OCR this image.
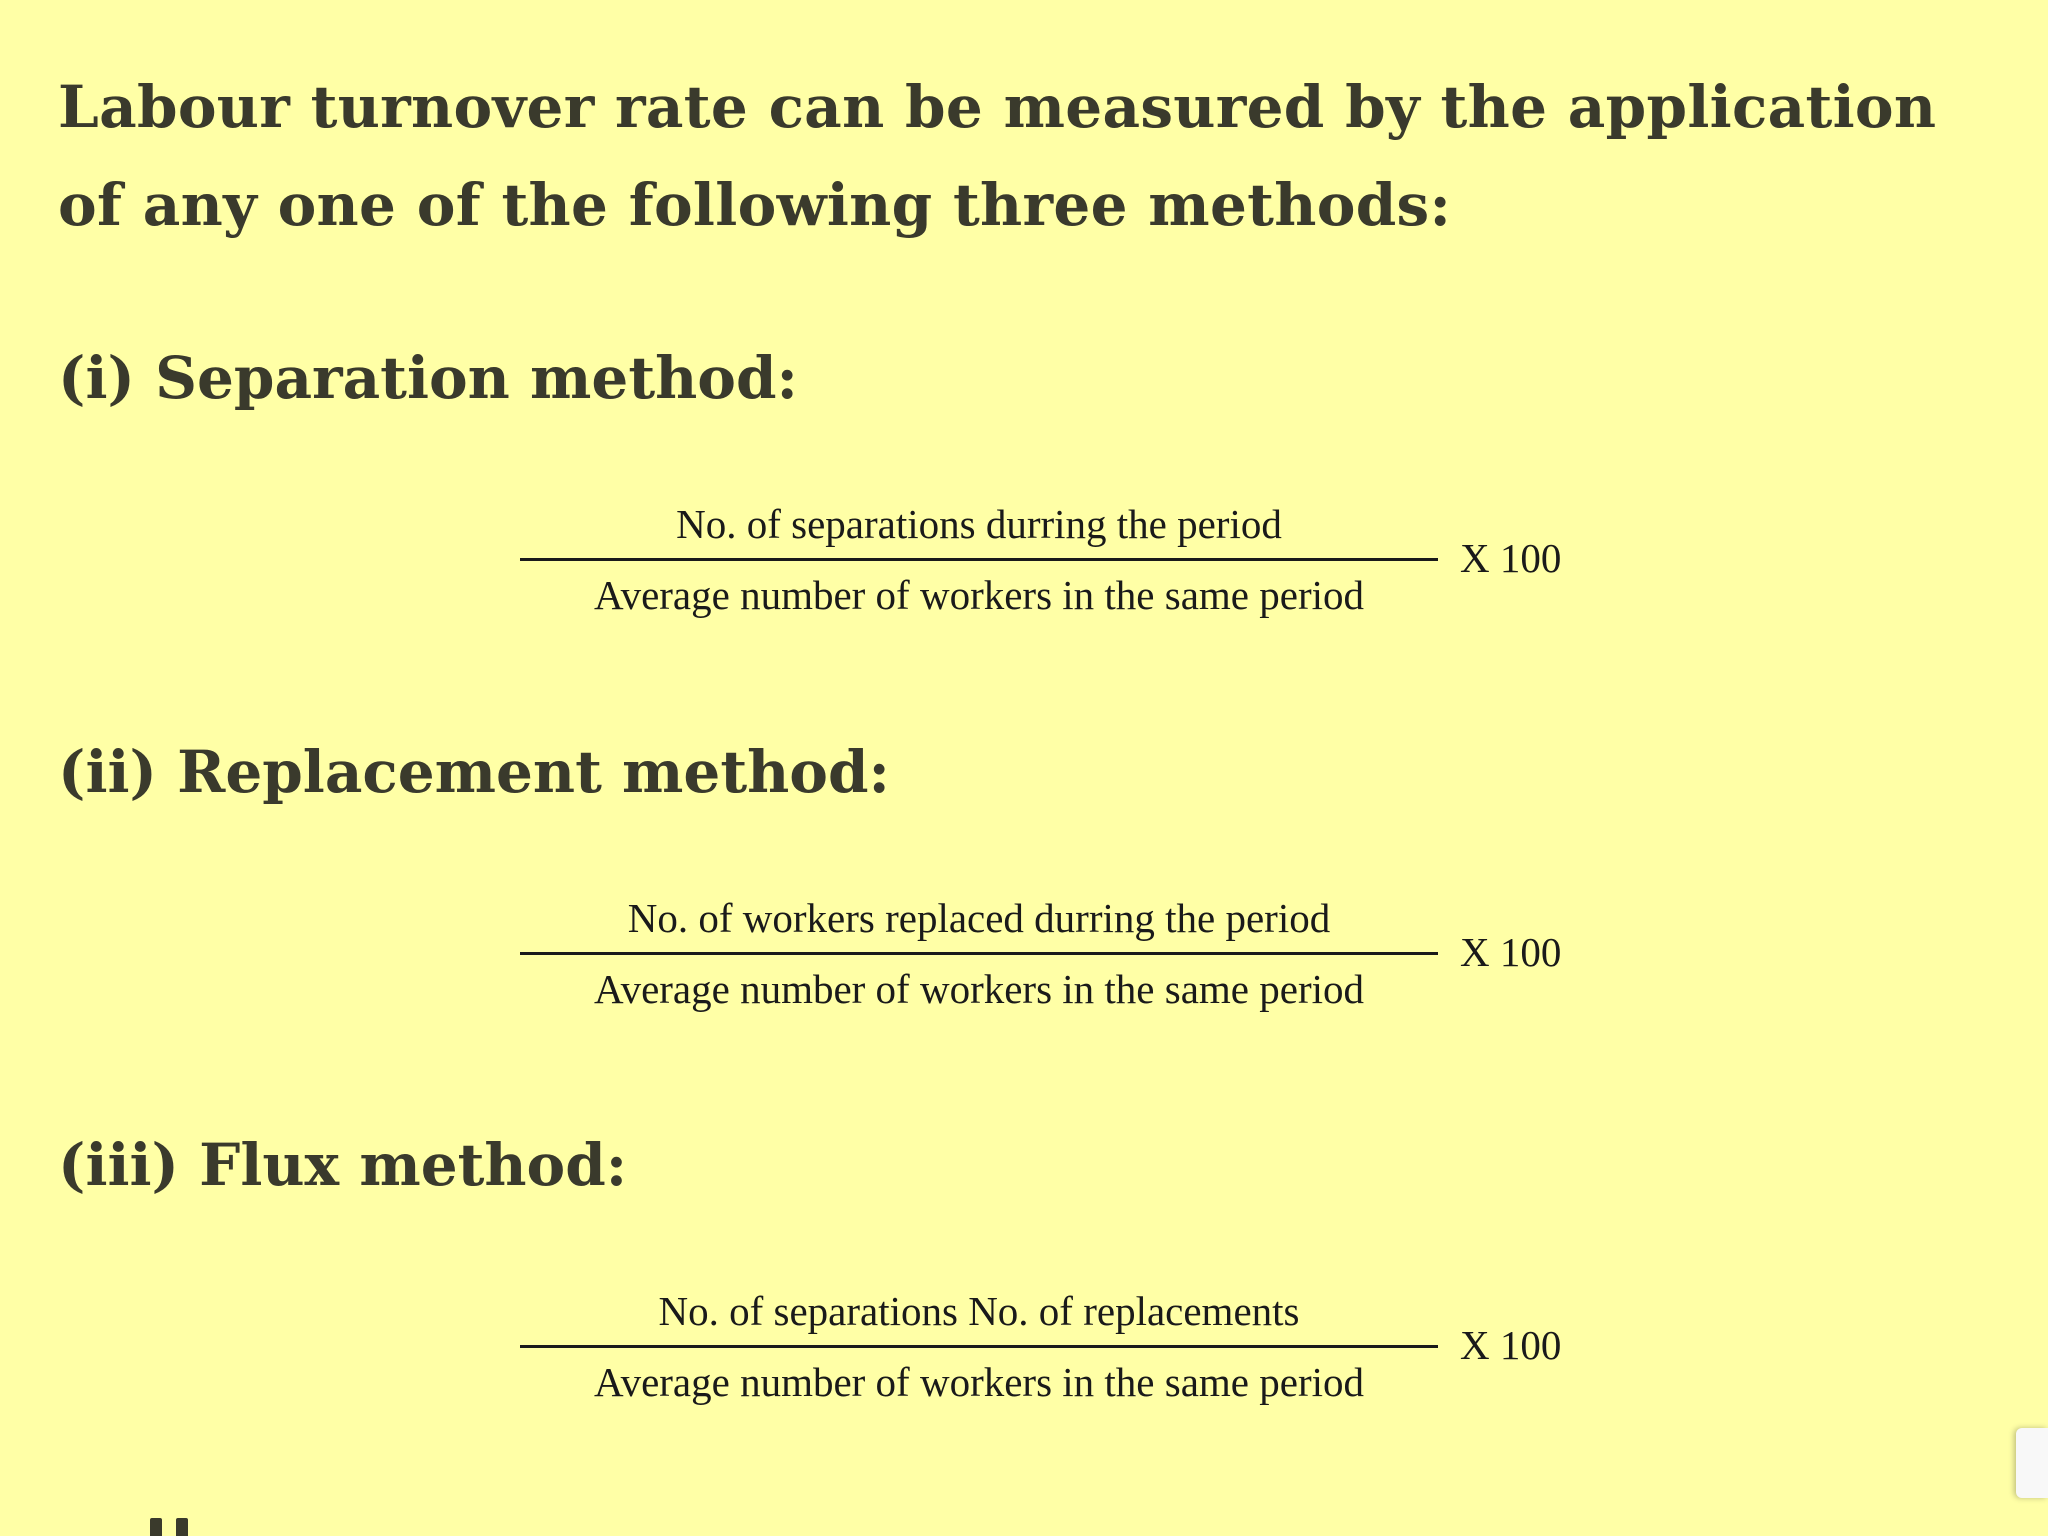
Labour turnover rate can be measured by the application of any one of the following three methods:

(i) Separation method:
$\frac{\text{No. of separations durring the period}}{\text{Average number of workers in the same period}}$ X 100
(ii) Replacement method:
$\frac{\text{No. of workers replaced durring the period}}{\text{Average number of workers in the same period}}$ X 100
(iii) Flux method:
$\frac{\text{No. of separations No. of replacements}}{\text{Average number of workers in the same period}}$ X 100
